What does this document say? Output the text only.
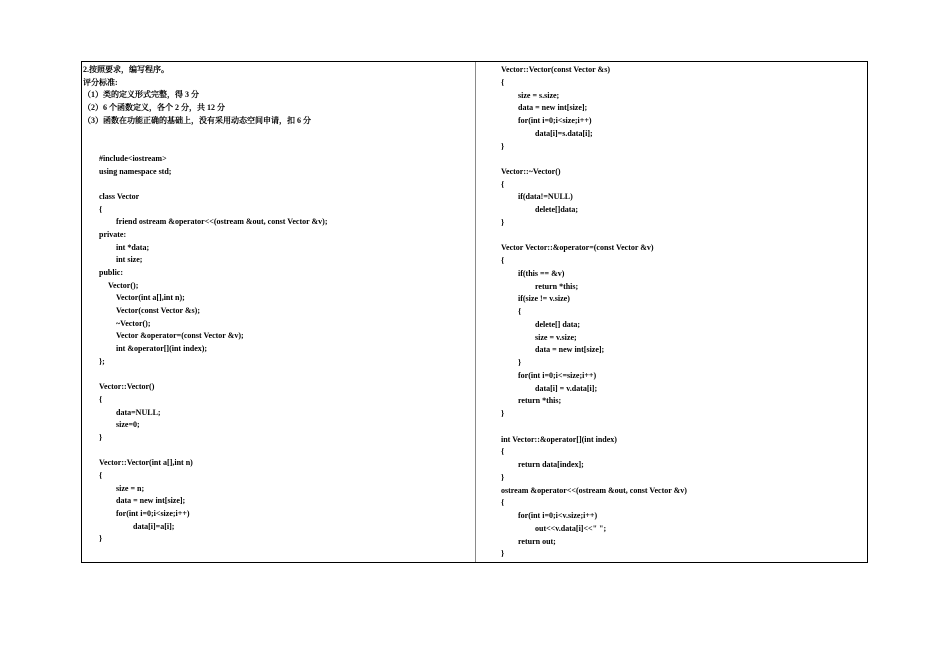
2.按照要求，编写程序。
评分标准:
（1）类的定义形式完整，得 3 分
（2）6 个函数定义，各个 2 分，共 12 分
（3）函数在功能正确的基础上，没有采用动态空间申请，扣 6 分
#include<iostream>
using namespace std;
class Vector
{
friend ostream &operator<<(ostream &out, const Vector &v);
private:
int *data;
int size;
public:
Vector();
Vector(int a[],int n);
Vector(const Vector &s);
~Vector();
Vector &operator=(const Vector &v);
int &operator[](int index);
};
Vector::Vector()
{
data=NULL;
size=0;
}
Vector::Vector(int a[],int n)
{
size = n;
data = new int[size];
for(int i=0;i<size;i++)
data[i]=a[i];
}
Vector::Vector(const Vector &s)
{
size = s.size;
data = new int[size];
for(int i=0;i<size;i++)
data[i]=s.data[i];
}
Vector::~Vector()
{
if(data!=NULL)
delete[]data;
}
Vector Vector::&operator=(const Vector &v)
{
if(this == &v)
return *this;
if(size != v.size)
{
delete[] data;
size = v.size;
data = new int[size];
}
for(int i=0;i<=size;i++)
data[i] = v.data[i];
return *this;
}
int Vector::&operator[](int index)
{
return data[index];
}
ostream &operator<<(ostream &out, const Vector &v)
{
for(int i=0;i<v.size;i++)
out<<v.data[i]<<" ";
return out;
}
